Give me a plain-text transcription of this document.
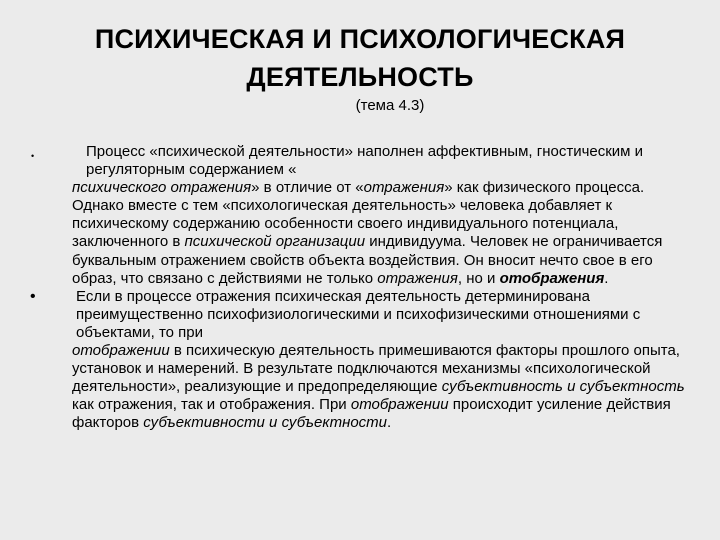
ПСИХИЧЕСКАЯ И ПСИХОЛОГИЧЕСКАЯ
ДЕЯТЕЛЬНОСТЬ
(тема 4.3)

•	Процесс «психической деятельности» наполнен аффективным, гностическим и регуляторным содержанием «психического отражения» в отличие от «отражения» как физического процесса. Однако вместе с тем «психологическая деятельность» человека добавляет к психическому содержанию особенности своего индивидуального потенциала, заключенного в психической организации индивидуума. Человек не ограничивается буквальным отражением свойств объекта воздействия. Он вносит нечто свое в его образ, что связано с действиями не только отражения, но и отображения.

•	Если в процессе отражения психическая деятельность детерминирована преимущественно психофизиологическими и психофизическими отношениями с объектами, то приотображении в психическую деятельность примешиваются факторы прошлого опыта, установок и намерений. В результате подключаются механизмы «психологической деятельности», реализующие и предопределяющие субъективность и субъектность как отражения, так и отображения. При отображении происходит усиление действия факторов субъективности и субъектности.
